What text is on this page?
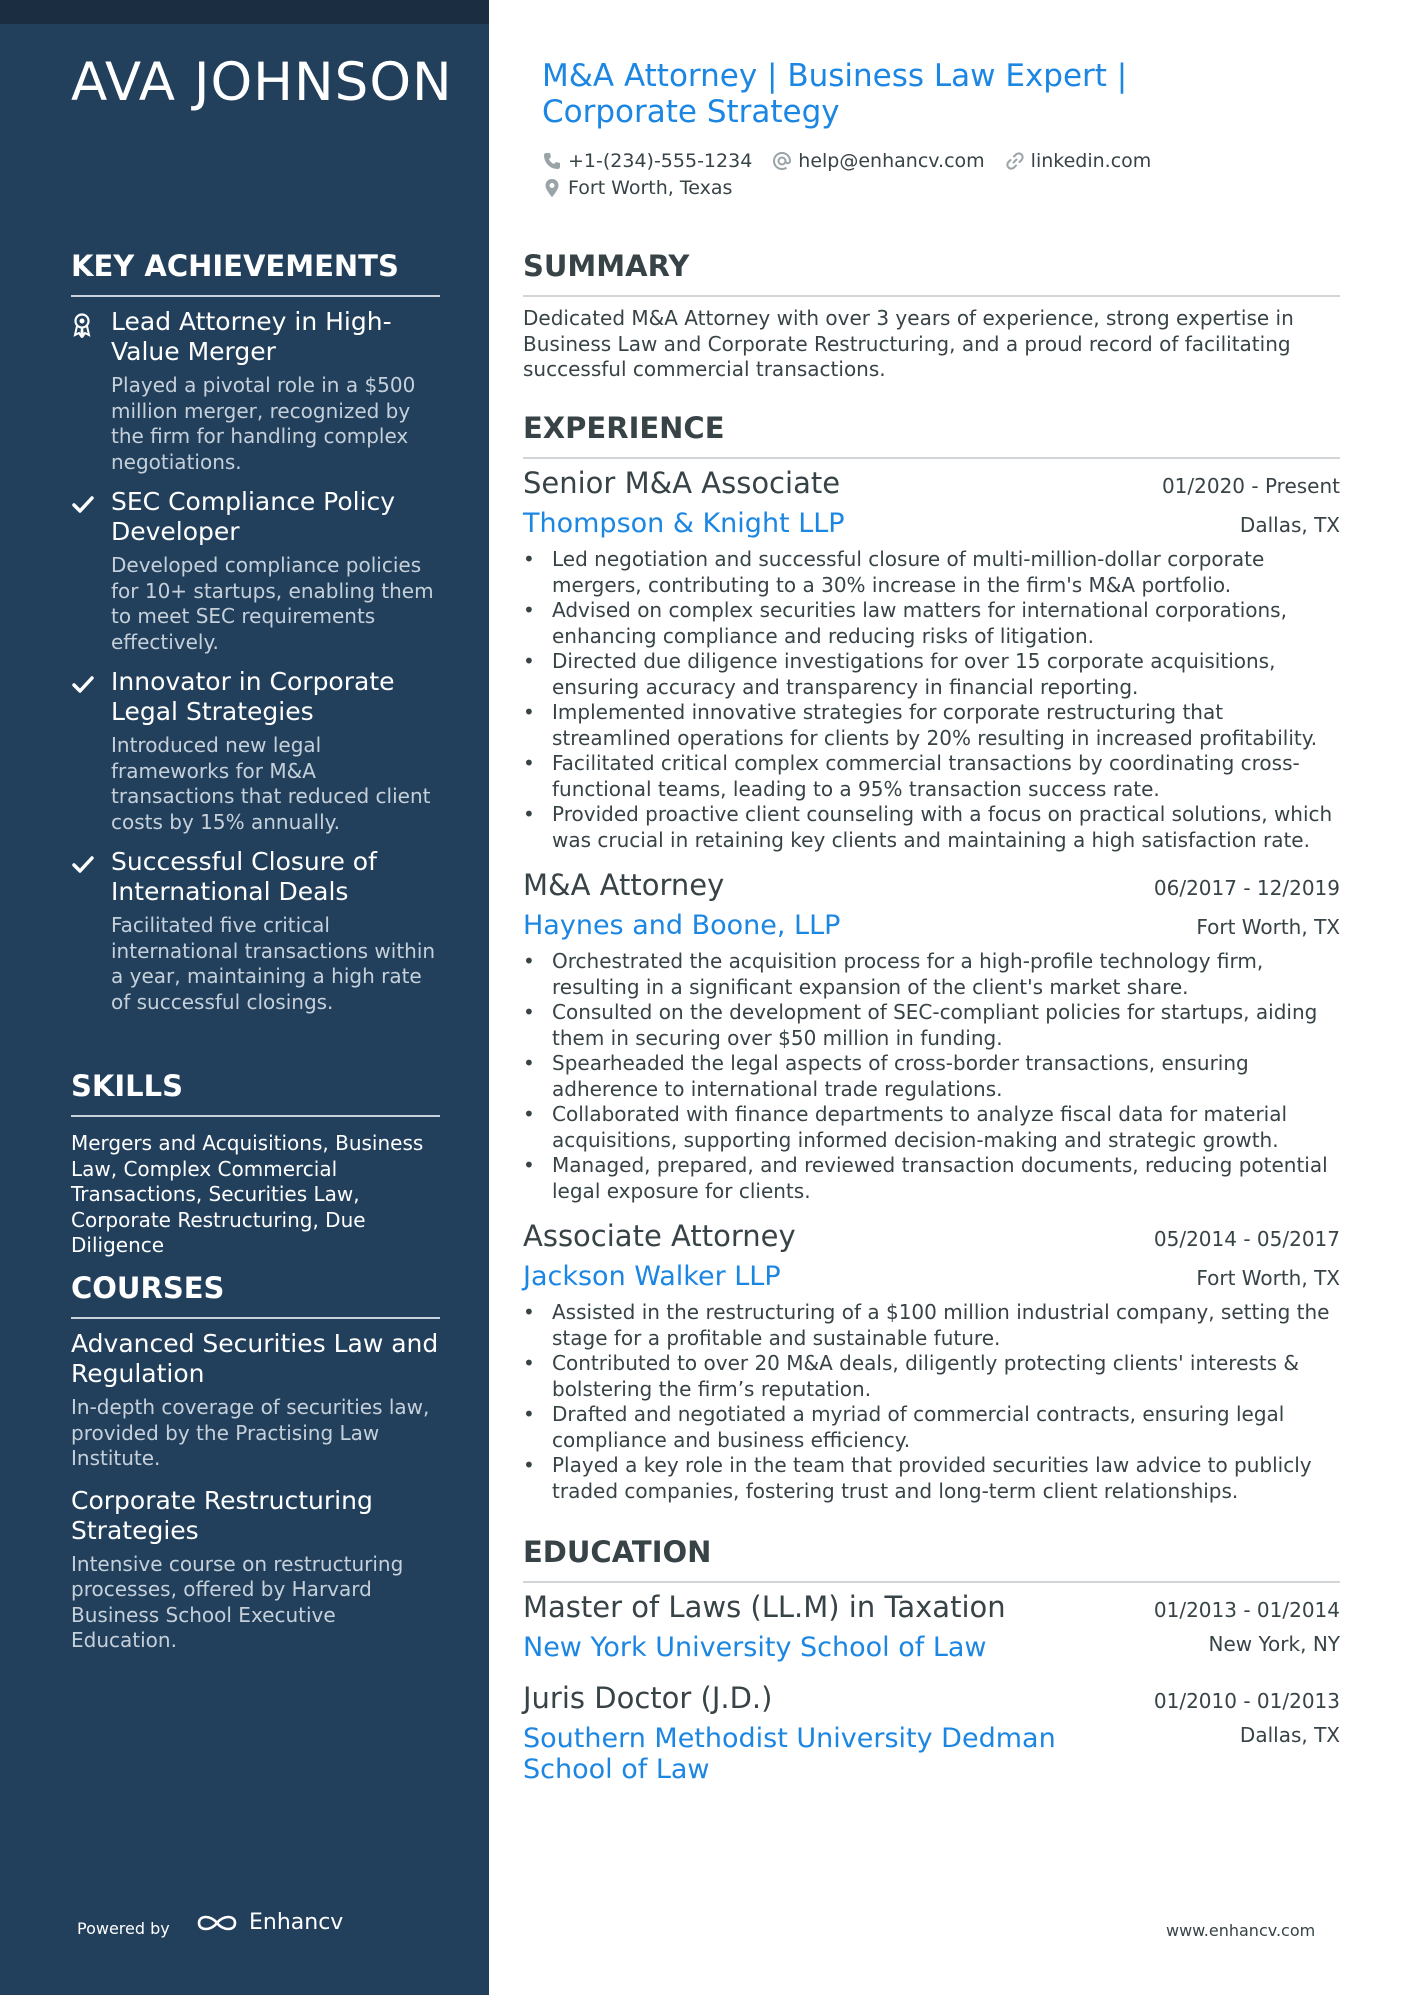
AVA JOHNSON
KEY ACHIEVEMENTS
Lead Attorney in High-Value Merger
Played a pivotal role in a $500 million merger, recognized by the firm for handling complex negotiations.
SEC Compliance Policy Developer
Developed compliance policies for 10+ startups, enabling them to meet SEC requirements effectively.
Innovator in Corporate Legal Strategies
Introduced new legal frameworks for M&A transactions that reduced client costs by 15% annually.
Successful Closure of International Deals
Facilitated five critical international transactions within a year, maintaining a high rate of successful closings.
SKILLS
Mergers and Acquisitions, Business Law, Complex Commercial Transactions, Securities Law, Corporate Restructuring, Due Diligence
COURSES
Advanced Securities Law and Regulation
In-depth coverage of securities law, provided by the Practising Law Institute.
Corporate Restructuring Strategies
Intensive course on restructuring processes, offered by Harvard Business School Executive Education.
Powered by	Enhancv
M&A Attorney | Business Law Expert | Corporate Strategy
+1-(234)-555-1234 help@enhancv.com linkedin.com
Fort Worth, Texas
SUMMARY
Dedicated M&A Attorney with over 3 years of experience, strong expertise in Business Law and Corporate Restructuring, and a proud record of facilitating successful commercial transactions.
EXPERIENCE
Senior M&A Associate	01/2020 - Present
Thompson & Knight LLP	Dallas, TX
• Led negotiation and successful closure of multi-million-dollar corporate mergers, contributing to a 30% increase in the firm's M&A portfolio.
• Advised on complex securities law matters for international corporations, enhancing compliance and reducing risks of litigation.
• Directed due diligence investigations for over 15 corporate acquisitions, ensuring accuracy and transparency in financial reporting.
• Implemented innovative strategies for corporate restructuring that streamlined operations for clients by 20% resulting in increased profitability.
• Facilitated critical complex commercial transactions by coordinating cross-functional teams, leading to a 95% transaction success rate.
• Provided proactive client counseling with a focus on practical solutions, which was crucial in retaining key clients and maintaining a high satisfaction rate.
M&A Attorney	06/2017 - 12/2019
Haynes and Boone, LLP	Fort Worth, TX
• Orchestrated the acquisition process for a high-profile technology firm, resulting in a significant expansion of the client's market share.
• Consulted on the development of SEC-compliant policies for startups, aiding them in securing over $50 million in funding.
• Spearheaded the legal aspects of cross-border transactions, ensuring adherence to international trade regulations.
• Collaborated with finance departments to analyze fiscal data for material acquisitions, supporting informed decision-making and strategic growth.
• Managed, prepared, and reviewed transaction documents, reducing potential legal exposure for clients.
Associate Attorney	05/2014 - 05/2017
Jackson Walker LLP	Fort Worth, TX
• Assisted in the restructuring of a $100 million industrial company, setting the stage for a profitable and sustainable future.
• Contributed to over 20 M&A deals, diligently protecting clients' interests & bolstering the firm’s reputation.
• Drafted and negotiated a myriad of commercial contracts, ensuring legal compliance and business efficiency.
• Played a key role in the team that provided securities law advice to publicly traded companies, fostering trust and long-term client relationships.
EDUCATION
Master of Laws (LL.M) in Taxation	01/2013 - 01/2014
New York University School of Law	New York, NY
Juris Doctor (J.D.)	01/2010 - 01/2013
Southern Methodist University Dedman School of Law
Dallas, TX
www.enhancv.com
